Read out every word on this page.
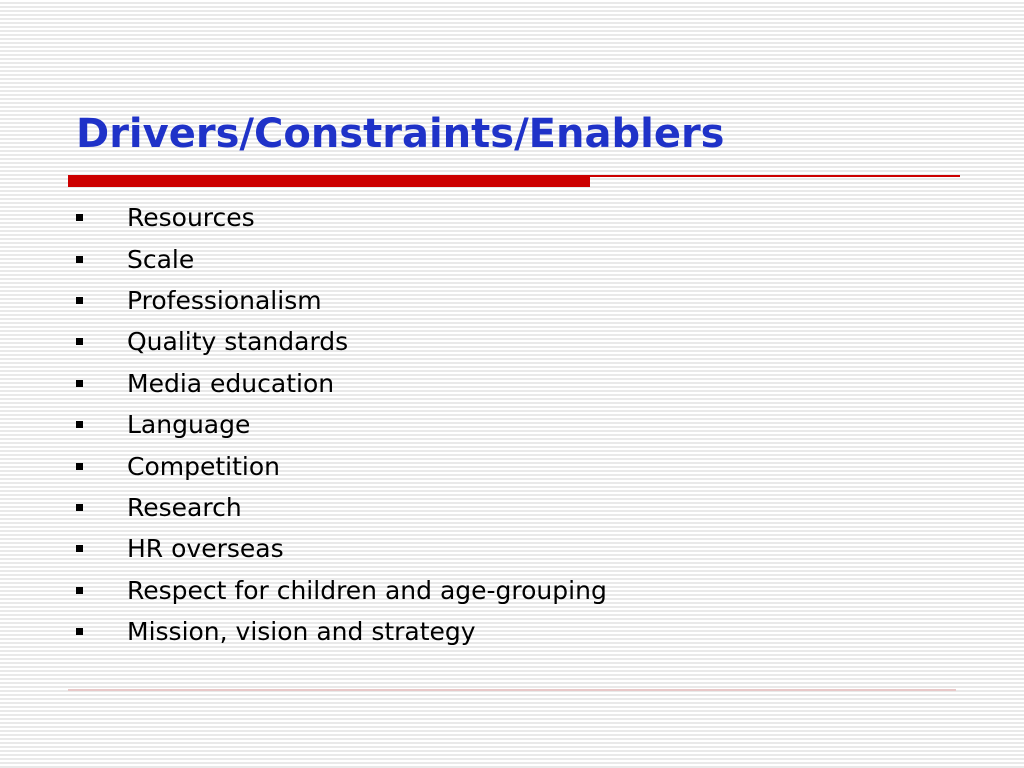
Drivers/Constraints/Enablers
Resources
Scale
Professionalism
Quality standards
Media education
Language
Competition
Research
HR overseas
Respect for children and age-grouping
Mission, vision and strategy
